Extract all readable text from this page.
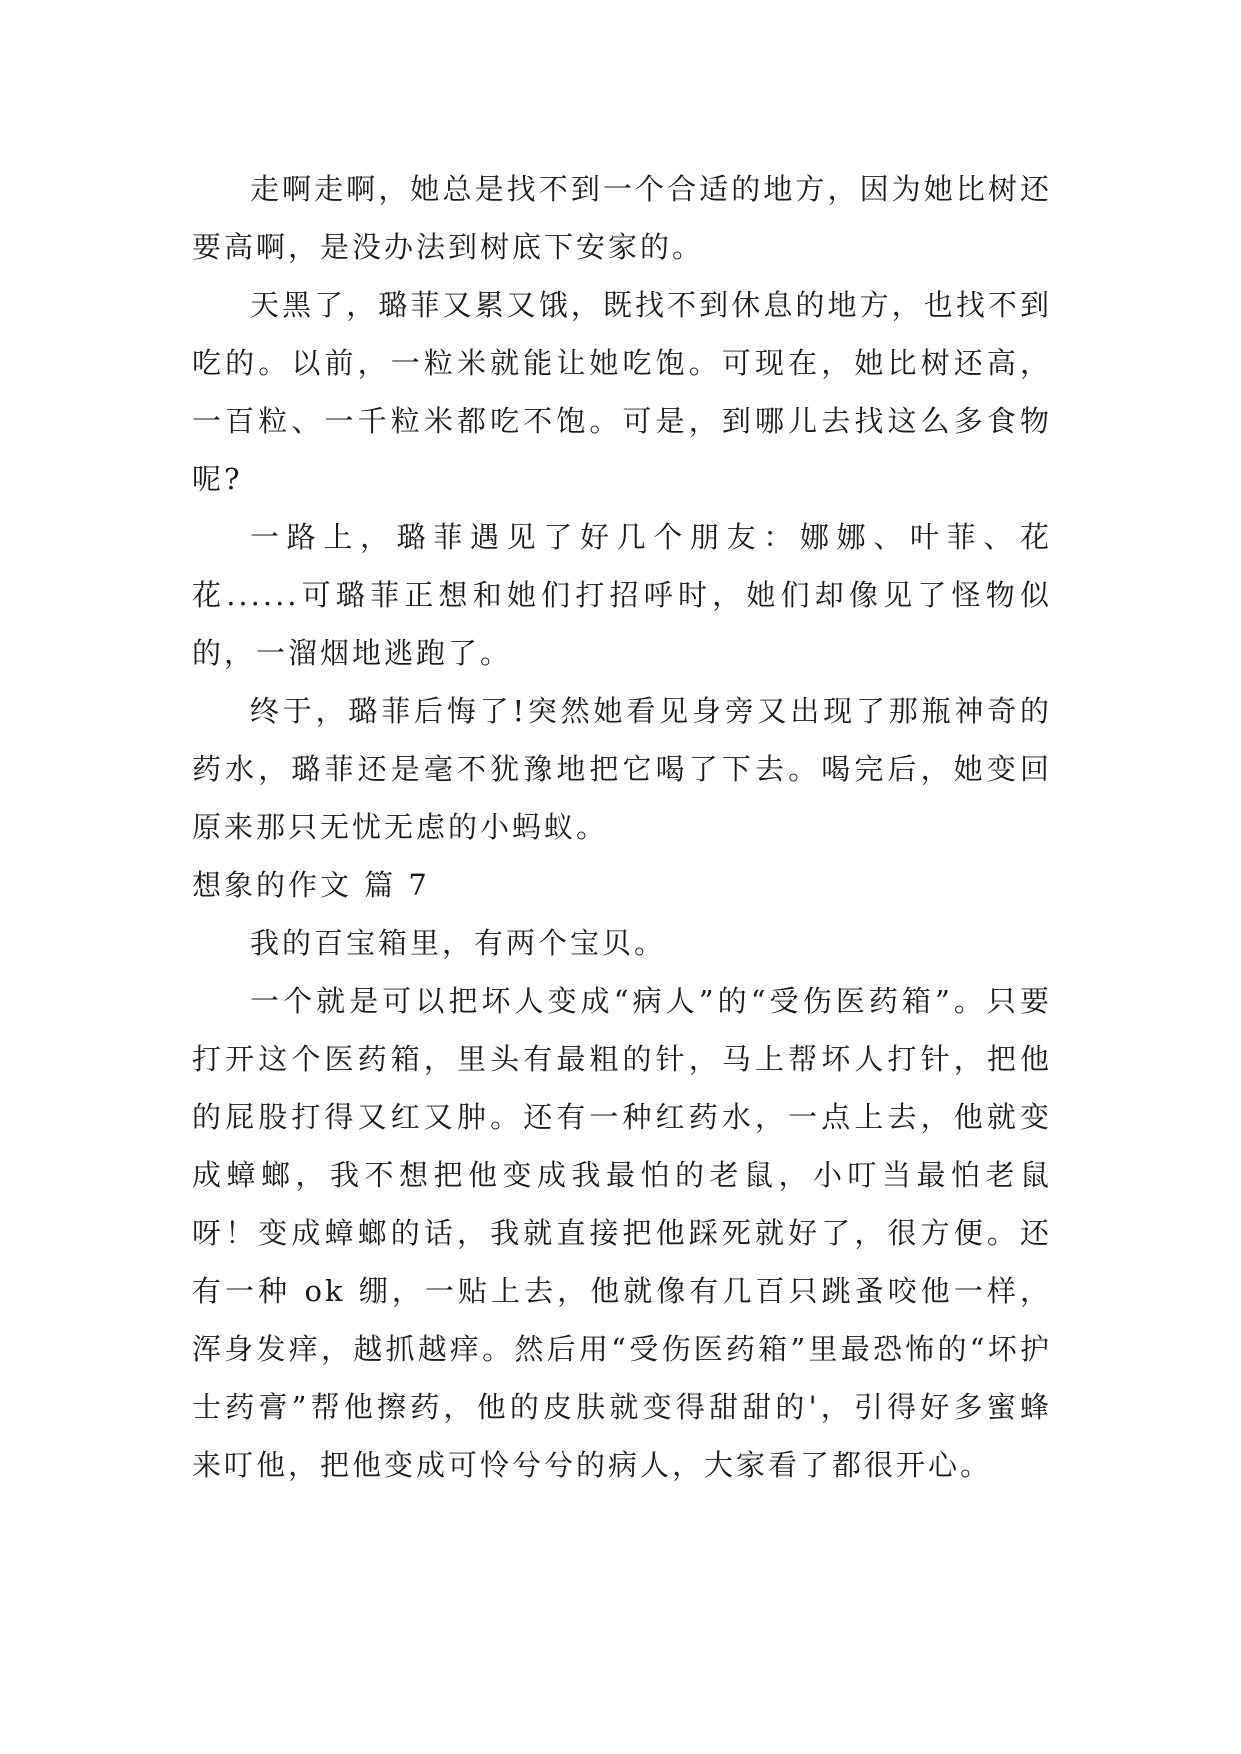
走啊走啊，她总是找不到一个合适的地方，因为她比树还要高啊，是没办法到树底下安家的。

天黑了，璐菲又累又饿，既找不到休息的地方，也找不到吃的。以前，一粒米就能让她吃饱。可现在，她比树还高，一百粒、一千粒米都吃不饱。可是，到哪儿去找这么多食物呢?

一路上，璐菲遇见了好几个朋友：娜娜、叶菲、花花......可璐菲正想和她们打招呼时，她们却像见了怪物似的，一溜烟地逃跑了。

终于，璐菲后悔了!突然她看见身旁又出现了那瓶神奇的药水，璐菲还是毫不犹豫地把它喝了下去。喝完后，她变回原来那只无忧无虑的小蚂蚁。

想象的作文 篇 7

我的百宝箱里，有两个宝贝。

一个就是可以把坏人变成“病人”的“受伤医药箱”。只要打开这个医药箱，里头有最粗的针，马上帮坏人打针，把他的屁股打得又红又肿。还有一种红药水，一点上去，他就变成蟑螂，我不想把他变成我最怕的老鼠，小叮当最怕老鼠呀！变成蟑螂的话，我就直接把他踩死就好了，很方便。还有一种 ok 绷，一贴上去，他就像有几百只跳蚤咬他一样，浑身发痒，越抓越痒。然后用“受伤医药箱”里最恐怖的“坏护士药膏”帮他擦药，他的皮肤就变得甜甜的'，引得好多蜜蜂来叮他，把他变成可怜兮兮的病人，大家看了都很开心。
